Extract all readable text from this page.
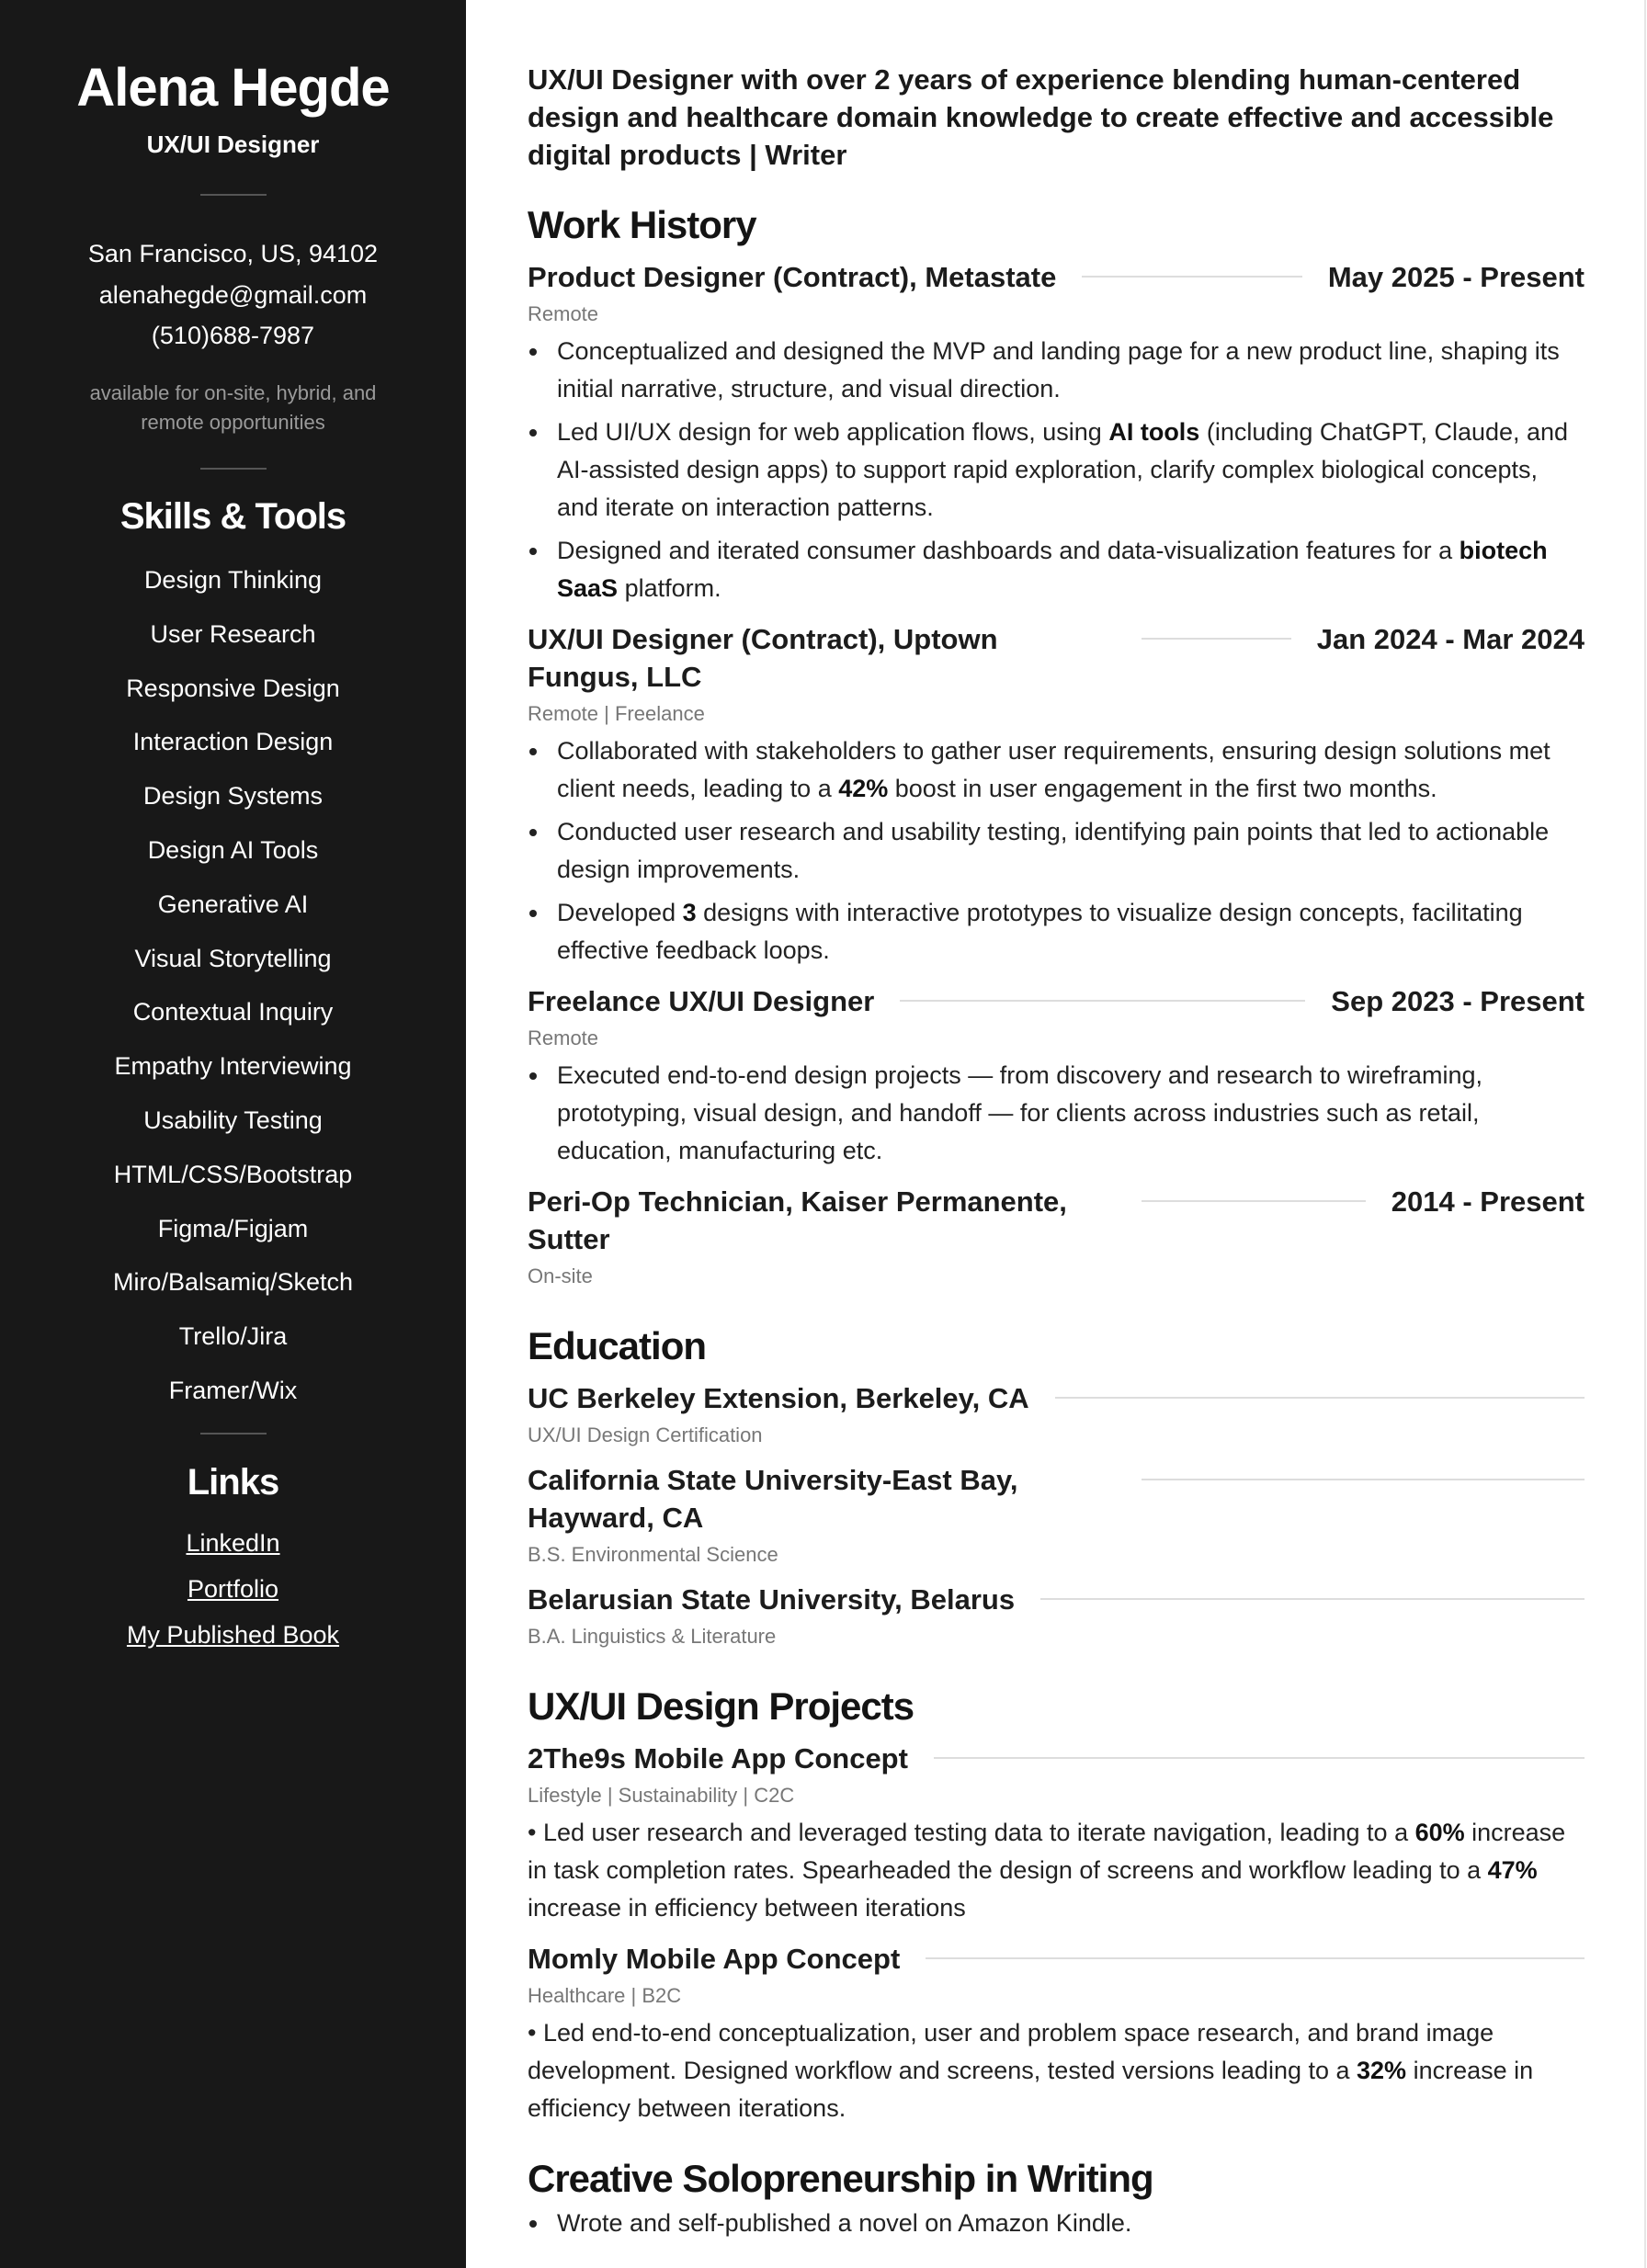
Alena Hegde
UX/UI Designer
San Francisco, US, 94102
alenahegde@gmail.com
(510)688-7987
available for on-site, hybrid, and remote opportunities
Skills & Tools
Design Thinking
User Research
Responsive Design
Interaction Design
Design Systems
Design AI Tools
Generative AI
Visual Storytelling
Contextual Inquiry
Empathy Interviewing
Usability Testing
HTML/CSS/Bootstrap
Figma/Figjam
Miro/Balsamiq/Sketch
Trello/Jira
Framer/Wix
Links
LinkedIn
Portfolio
My Published Book
UX/UI Designer with over 2 years of experience blending human-centered design and healthcare domain knowledge to create effective and accessible digital products | Writer
Work History
Product Designer (Contract), Metastate	May 2025 - Present
Remote
Conceptualized and designed the MVP and landing page for a new product line, shaping its initial narrative, structure, and visual direction.
Led UI/UX design for web application flows, using AI tools (including ChatGPT, Claude, and AI-assisted design apps) to support rapid exploration, clarify complex biological concepts, and iterate on interaction patterns.
Designed and iterated consumer dashboards and data-visualization features for a biotech SaaS platform.
UX/UI Designer (Contract), Uptown Fungus, LLC
Jan 2024 - Mar 2024
Remote | Freelance
Collaborated with stakeholders to gather user requirements, ensuring design solutions met client needs, leading to a 42% boost in user engagement in the first two months.
Conducted user research and usability testing, identifying pain points that led to actionable design improvements.
Developed 3 designs with interactive prototypes to visualize design concepts, facilitating effective feedback loops.
Freelance UX/UI Designer	Sep 2023 - Present
Remote
Executed end-to-end design projects — from discovery and research to wireframing, prototyping, visual design, and handoff — for clients across industries such as retail, education, manufacturing etc.
Peri-Op Technician, Kaiser Permanente, Sutter
2014 - Present
On-site
Education
UC Berkeley Extension, Berkeley, CA
UX/UI Design Certification
California State University-East Bay, Hayward, CA
B.S. Environmental Science
Belarusian State University, Belarus
B.A. Linguistics & Literature
UX/UI Design Projects
2The9s Mobile App Concept
Lifestyle | Sustainability | C2C
• Led user research and leveraged testing data to iterate navigation, leading to a 60% increase in task completion rates. Spearheaded the design of screens and workflow leading to a 47% increase in efficiency between iterations
Momly Mobile App Concept
Healthcare | B2C
• Led end-to-end conceptualization, user and problem space research, and brand image development. Designed workflow and screens, tested versions leading to a 32% increase in efficiency between iterations.
Creative Solopreneurship in Writing
Wrote and self-published a novel on Amazon Kindle.
